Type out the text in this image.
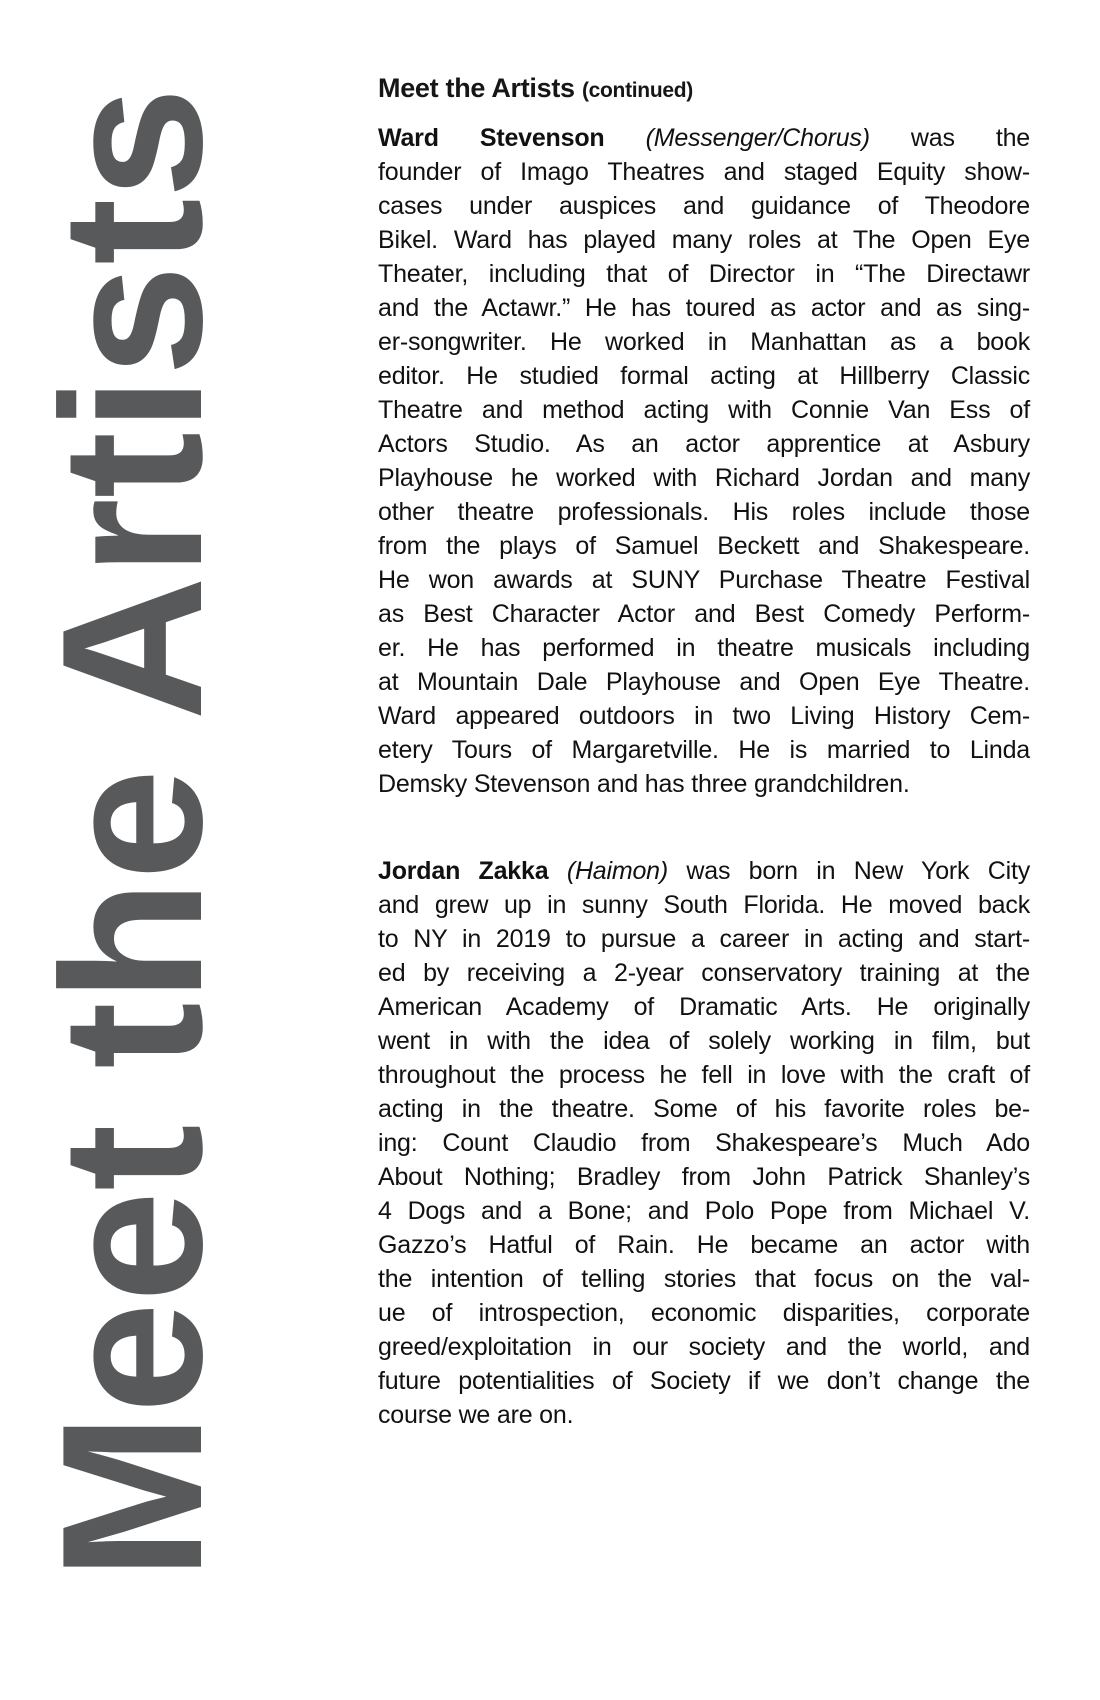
Meet the Artists	Meet the Artists (continued)
Ward Stevenson (Messenger/Chorus) was the
founder of Imago Theatres and staged Equity show-
cases under auspices and guidance of Theodore
Bikel. Ward has played many roles at The Open Eye
Theater, including that of Director in “The Directawr
and the Actawr.” He has toured as actor and as sing-
er-songwriter. He worked in Manhattan as a book
editor. He studied formal acting at Hillberry Classic
Theatre and method acting with Connie Van Ess of
Actors Studio. As an actor apprentice at Asbury
Playhouse he worked with Richard Jordan and many
other theatre professionals. His roles include those
from the plays of Samuel Beckett and Shakespeare.
He won awards at SUNY Purchase Theatre Festival
as Best Character Actor and Best Comedy Perform-
er. He has performed in theatre musicals including
at Mountain Dale Playhouse and Open Eye Theatre.
Ward appeared outdoors in two Living History Cem-
etery Tours of Margaretville. He is married to Linda
Demsky Stevenson and has three grandchildren.
Jordan Zakka (Haimon) was born in New York City
and grew up in sunny South Florida. He moved back
to NY in 2019 to pursue a career in acting and start-
ed by receiving a 2-year conservatory training at the
American Academy of Dramatic Arts. He originally
went in with the idea of solely working in film, but
throughout the process he fell in love with the craft of
acting in the theatre. Some of his favorite roles be-
ing: Count Claudio from Shakespeare’s Much Ado
About Nothing; Bradley from John Patrick Shanley’s
4 Dogs and a Bone; and Polo Pope from Michael V.
Gazzo’s Hatful of Rain. He became an actor with
the intention of telling stories that focus on the val-
ue of introspection, economic disparities, corporate
greed/exploitation in our society and the world, and
future potentialities of Society if we don’t change the
course we are on.
